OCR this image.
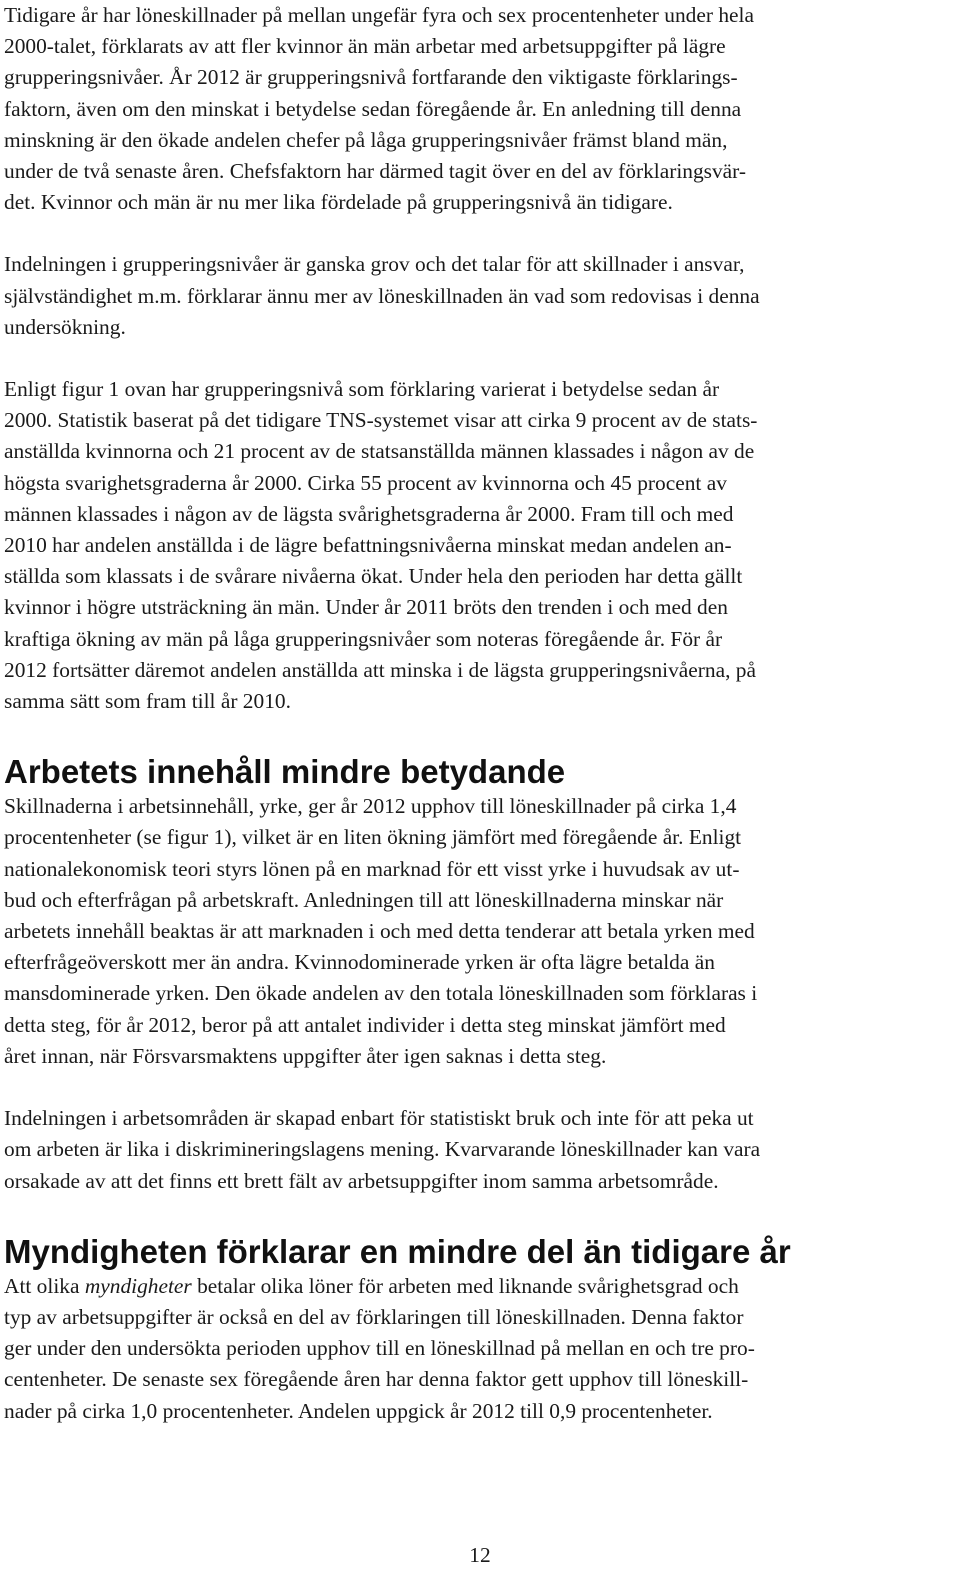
Tidigare år har löneskillnader på mellan ungefär fyra och sex procentenheter under hela
2000-talet, förklarats av att fler kvinnor än män arbetar med arbetsuppgifter på lägre
grupperingsnivåer. År 2012 är grupperingsnivå fortfarande den viktigaste förklarings-
faktorn, även om den minskat i betydelse sedan föregående år. En anledning till denna
minskning är den ökade andelen chefer på låga grupperingsnivåer främst bland män,
under de två senaste åren. Chefsfaktorn har därmed tagit över en del av förklaringsvär-
det. Kvinnor och män är nu mer lika fördelade på grupperingsnivå än tidigare.

Indelningen i grupperingsnivåer är ganska grov och det talar för att skillnader i ansvar,
självständighet m.m. förklarar ännu mer av löneskillnaden än vad som redovisas i denna
undersökning.

Enligt figur 1 ovan har grupperingsnivå som förklaring varierat i betydelse sedan år
2000. Statistik baserat på det tidigare TNS-systemet visar att cirka 9 procent av de stats-
anställda kvinnorna och 21 procent av de statsanställda männen klassades i någon av de
högsta svarighetsgraderna år 2000. Cirka 55 procent av kvinnorna och 45 procent av
männen klassades i någon av de lägsta svårighetsgraderna år 2000. Fram till och med
2010 har andelen anställda i de lägre befattningsnivåerna minskat medan andelen an-
ställda som klassats i de svårare nivåerna ökat. Under hela den perioden har detta gällt
kvinnor i högre utsträckning än män. Under år 2011 bröts den trenden i och med den
kraftiga ökning av män på låga grupperingsnivåer som noteras föregående år. För år
2012 fortsätter däremot andelen anställda att minska i de lägsta grupperingsnivåerna, på
samma sätt som fram till år 2010.

Arbetets innehåll mindre betydande

Skillnaderna i arbetsinnehåll, yrke, ger år 2012 upphov till löneskillnader på cirka 1,4
procentenheter (se figur 1), vilket är en liten ökning jämfört med föregående år. Enligt
nationalekonomisk teori styrs lönen på en marknad för ett visst yrke i huvudsak av ut-
bud och efterfrågan på arbetskraft. Anledningen till att löneskillnaderna minskar när
arbetets innehåll beaktas är att marknaden i och med detta tenderar att betala yrken med
efterfrågeöverskott mer än andra. Kvinnodominerade yrken är ofta lägre betalda än
mansdominerade yrken. Den ökade andelen av den totala löneskillnaden som förklaras i
detta steg, för år 2012, beror på att antalet individer i detta steg minskat jämfört med
året innan, när Försvarsmaktens uppgifter åter igen saknas i detta steg.

Indelningen i arbetsområden är skapad enbart för statistiskt bruk och inte för att peka ut
om arbeten är lika i diskrimineringslagens mening. Kvarvarande löneskillnader kan vara
orsakade av att det finns ett brett fält av arbetsuppgifter inom samma arbetsområde.

Myndigheten förklarar en mindre del än tidigare år

Att olika myndigheter betalar olika löner för arbeten med liknande svårighetsgrad och
typ av arbetsuppgifter är också en del av förklaringen till löneskillnaden. Denna faktor
ger under den undersökta perioden upphov till en löneskillnad på mellan en och tre pro-
centenheter. De senaste sex föregående åren har denna faktor gett upphov till löneskill-
nader på cirka 1,0 procentenheter. Andelen uppgick år 2012 till 0,9 procentenheter.

12
